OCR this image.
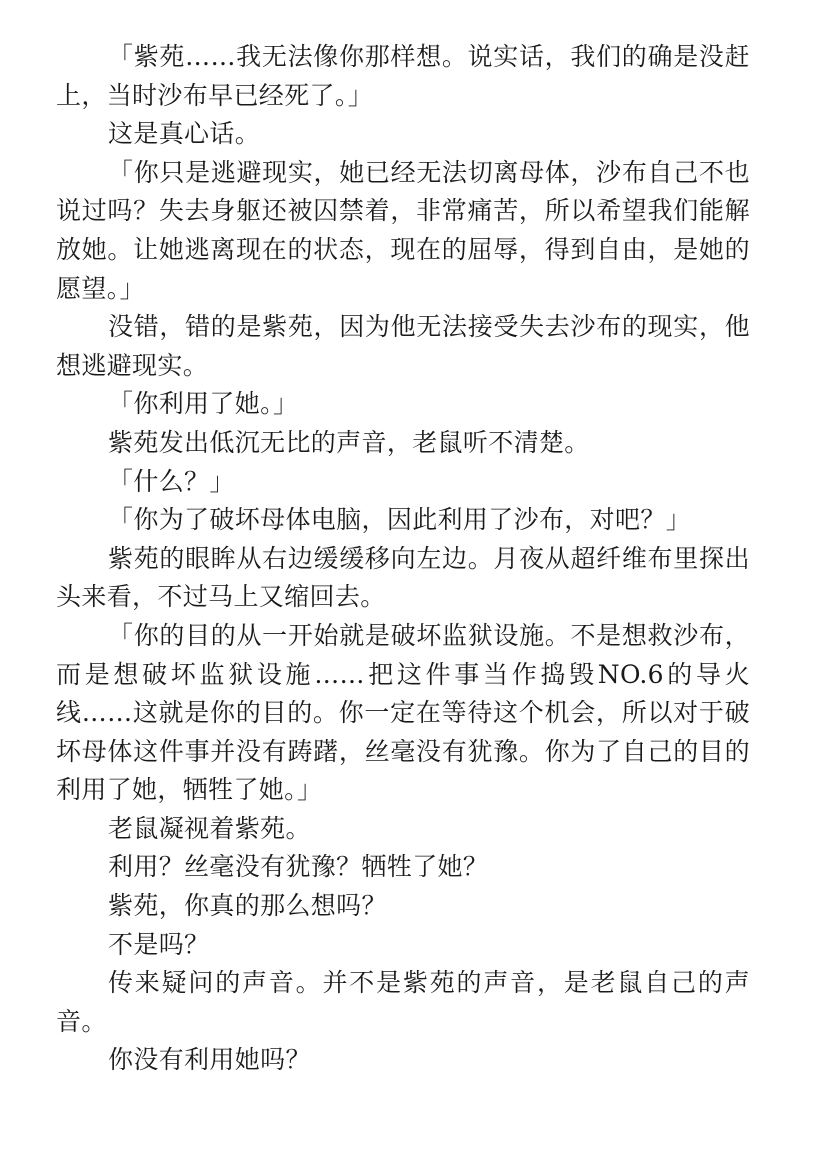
「紫苑……我无法像你那样想。说实话，我们的确是没赶上，当时沙布早已经死了。」

这是真心话。

「你只是逃避现实，她已经无法切离母体，沙布自己不也说过吗？失去身躯还被囚禁着，非常痛苦，所以希望我们能解放她。让她逃离现在的状态，现在的屈辱，得到自由，是她的愿望。」

没错，错的是紫苑，因为他无法接受失去沙布的现实，他想逃避现实。

「你利用了她。」

紫苑发出低沉无比的声音，老鼠听不清楚。

「什么？」

「你为了破坏母体电脑，因此利用了沙布，对吧？」

紫苑的眼眸从右边缓缓移向左边。月夜从超纤维布里探出头来看，不过马上又缩回去。

「你的目的从一开始就是破坏监狱设施。不是想救沙布，而是想破坏监狱设施……把这件事当作捣毁NO.6的导火线……这就是你的目的。你一定在等待这个机会，所以对于破坏母体这件事并没有踌躇，丝毫没有犹豫。你为了自己的目的利用了她，牺牲了她。」

老鼠凝视着紫苑。

利用？丝毫没有犹豫？牺牲了她？

紫苑，你真的那么想吗？

不是吗？

传来疑问的声音。并不是紫苑的声音，是老鼠自己的声音。

你没有利用她吗？
